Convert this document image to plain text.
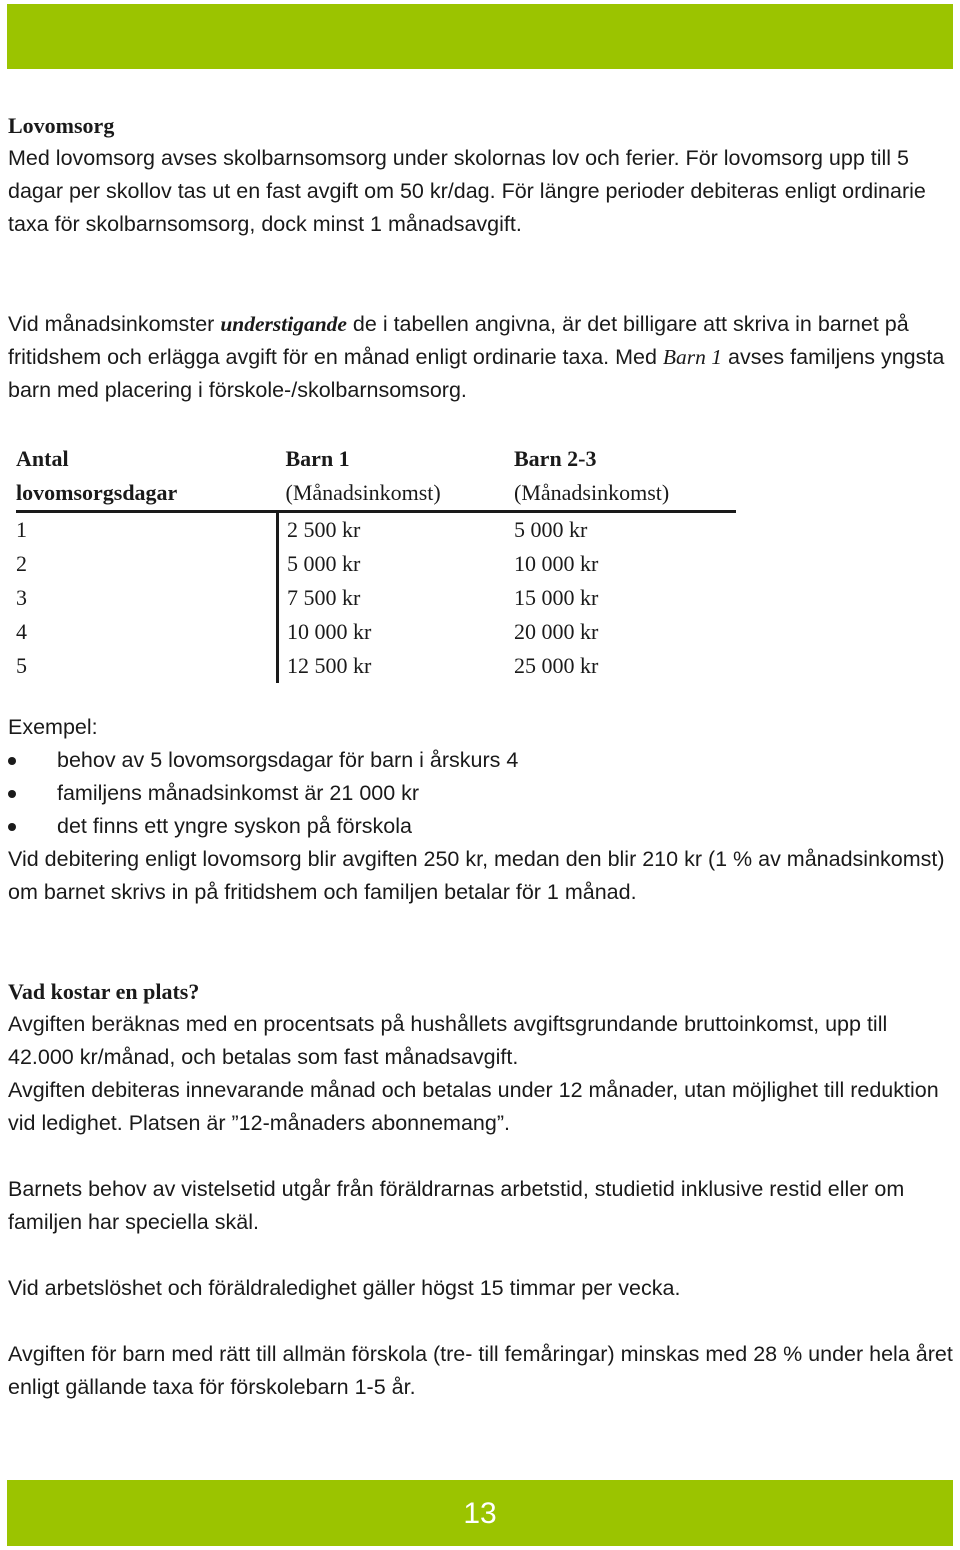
Lovomsorg

Med lovomsorg avses skolbarnsomsorg under skolornas lov och ferier. För lovomsorg upp till 5 dagar per skollov tas ut en fast avgift om 50 kr/dag. För längre perioder debiteras enligt ordinarie taxa för skolbarnsomsorg, dock minst 1 månadsavgift.

Vid månadsinkomster understigande de i tabellen angivna, är det billigare att skriva in barnet på fritidshem och erlägga avgift för en månad enligt ordinarie taxa. Med Barn 1 avses familjens yngsta barn med placering i förskole-/skolbarnsomsorg.
Antal	Barn 1	Barn 2-3
lovomsorgsdagar	(Månadsinkomst)	(Månadsinkomst)
1	2 500 kr	5 000 kr
2	5 000 kr	10 000 kr
3	7 500 kr	15 000 kr
4	10 000 kr	20 000 kr
5	12 500 kr	25 000 kr

Exempel:

behov av 5 lovomsorgsdagar för barn i årskurs 4
familjens månadsinkomst är 21 000 kr
det finns ett yngre syskon på förskola

Vid debitering enligt lovomsorg blir avgiften 250 kr, medan den blir 210 kr (1 % av månadsinkomst) om barnet skrivs in på fritidshem och familjen betalar för 1 månad.

Vad kostar en plats?

Avgiften beräknas med en procentsats på hushållets avgiftsgrundande bruttoinkomst, upp till 42.000 kr/månad, och betalas som fast månadsavgift.

Avgiften debiteras innevarande månad och betalas under 12 månader, utan möjlighet till reduktion vid ledighet. Platsen är ”12-månaders abonnemang”.

Barnets behov av vistelsetid utgår från föräldrarnas arbetstid, studietid inklusive restid eller om familjen har speciella skäl.

Vid arbetslöshet och föräldraledighet gäller högst 15 timmar per vecka.

Avgiften för barn med rätt till allmän förskola (tre- till femåringar) minskas med 28 % under hela året enligt gällande taxa för förskolebarn 1-5 år.

13
